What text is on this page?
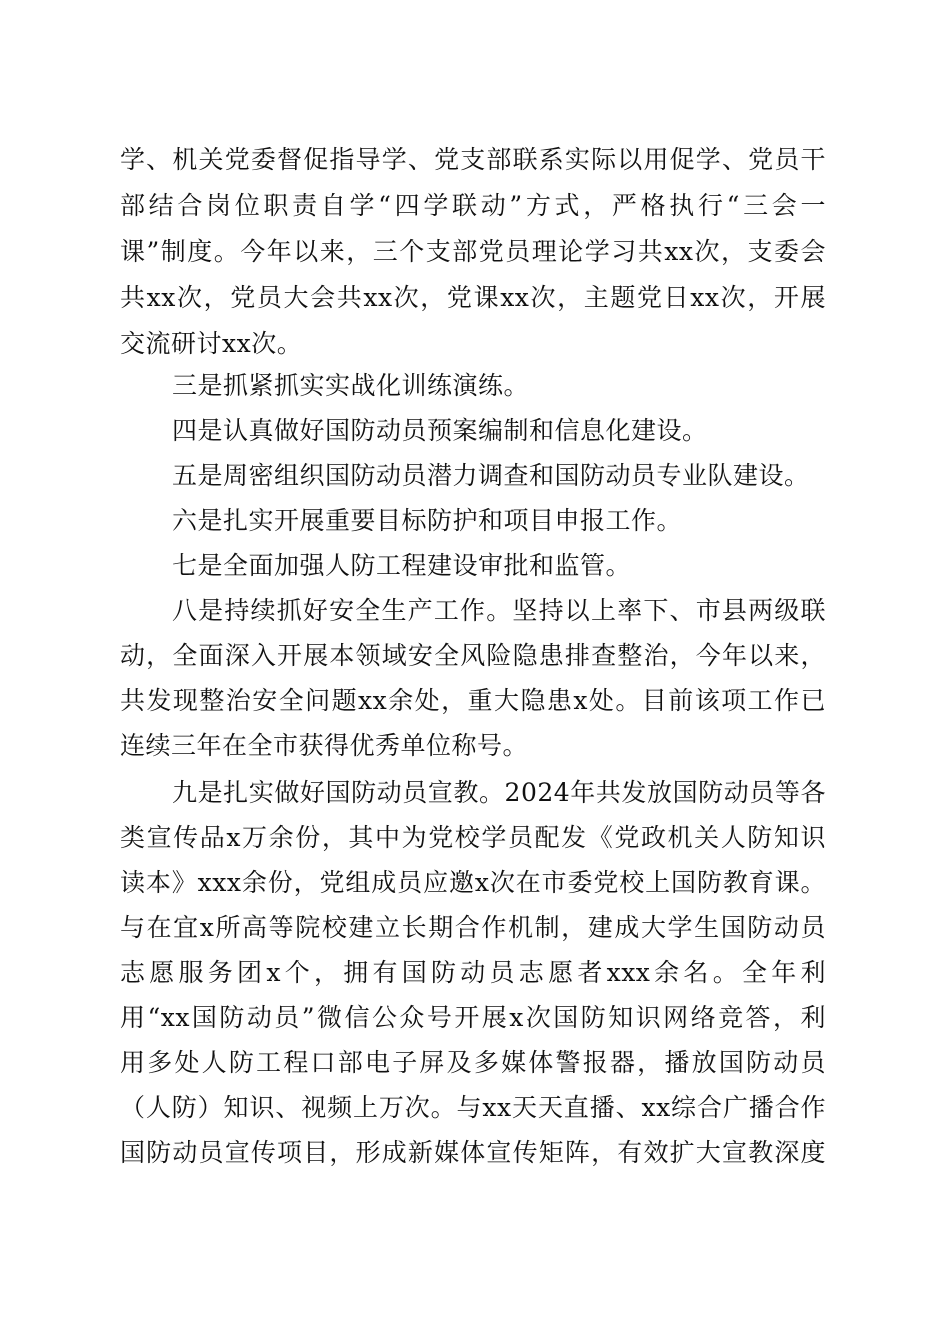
学、机关党委督促指导学、党支部联系实际以用促学、党员干
部结合岗位职责自学“四学联动”方式，严格执行“三会一
课”制度。今年以来，三个支部党员理论学习共xx次，支委会
共xx次，党员大会共xx次，党课xx次，主题党日xx次，开展
交流研讨xx次。
三是抓紧抓实实战化训练演练。
四是认真做好国防动员预案编制和信息化建设。
五是周密组织国防动员潜力调查和国防动员专业队建设。
六是扎实开展重要目标防护和项目申报工作。
七是全面加强人防工程建设审批和监管。
八是持续抓好安全生产工作。坚持以上率下、市县两级联
动，全面深入开展本领域安全风险隐患排查整治，今年以来，
共发现整治安全问题xx余处，重大隐患x处。目前该项工作已
连续三年在全市获得优秀单位称号。
九是扎实做好国防动员宣教。2024年共发放国防动员等各
类宣传品x万余份，其中为党校学员配发《党政机关人防知识
读本》xxx余份，党组成员应邀x次在市委党校上国防教育课。
与在宜x所高等院校建立长期合作机制，建成大学生国防动员
志愿服务团x个，拥有国防动员志愿者xxx余名。全年利
用“xx国防动员”微信公众号开展x次国防知识网络竞答，利
用多处人防工程口部电子屏及多媒体警报器，播放国防动员
（人防）知识、视频上万次。与xx天天直播、xx综合广播合作
国防动员宣传项目，形成新媒体宣传矩阵，有效扩大宣教深度
